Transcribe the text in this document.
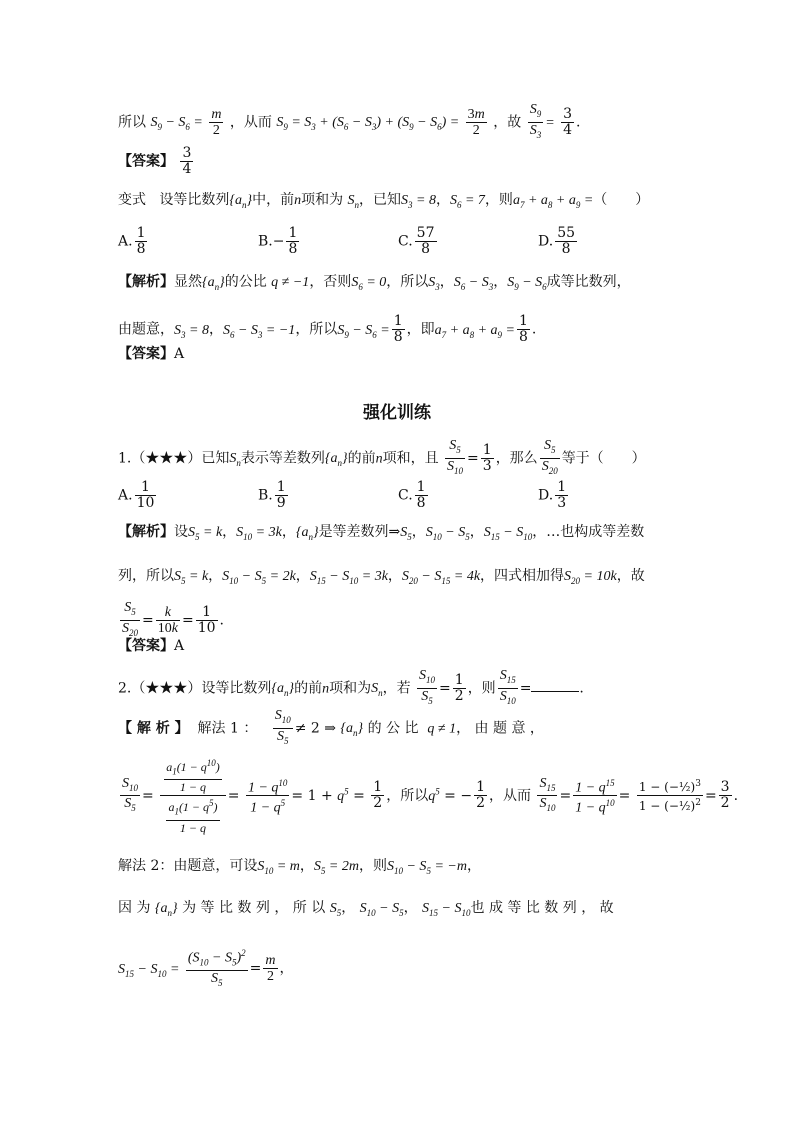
所以 $S_9 - S_6 = \frac{m}{2}$ ，从而 $S_9 = S_3 + (S_6 - S_3) + (S_9 - S_6) = \frac{3m}{2}$ ，故 $\frac{S_9}{S_3} = \frac{3}{4}$ .
【答案】 $\frac{3}{4}$
变式 设等比数列$\{a_n\}$中，前n项和为 $S_n$，已知$S_3 = 8$，$S_6 = 7$，则$a_7 + a_8 + a_9$ =（　　）
A. $\frac{1}{8}$	$B.- \frac{1}{8}$	C. $\frac{57}{8}$	D. $\frac{55}{8}$
【解析】显然$\{a_n\}$的公比 q ≠ −1，否则$S_6 = 0$，所以$S_3$，$S_6 - S_3$，$S_9 - S_6$成等比数列，
由题意，$S_3 = 8$，$S_6 - S_3 = -1$，所以$S_9 - S_6 = \frac{1}{8}$ ，即$a_7 + a_8 + a_9 = \frac{1}{8}$ .
【答案】A
强化训练
1.（★★★）已知$S_n$表示等差数列$\{a_n\}$的前n项和，且 $\frac{S_5}{S_{10}} = \frac{1}{3}$ ，那么 $\frac{S_5}{S_{20}}$ 等于（　　）
A. $\frac{1}{10}$	B. $\frac{1}{9}$	C. $\frac{1}{8}$	D. $\frac{1}{3}$
【解析】设$S_5 = k$，$S_{10} = 3k$，$\{a_n\}$是等差数列$\Rightarrow S_5$，$S_{10} - S_5$，$S_{15} - S_{10}$，…也构成等差数
列，所以$S_5 = k$，$S_{10} - S_5 = 2k$，$S_{15} - S_{10} = 3k$，$S_{20} - S_{15} = 4k$，四式相加得$S_{20} = 10k$，故
$\frac{S_5}{S_{20}} = \frac{k}{10k} = \frac{1}{10}$ .
【答案】A
2.（★★★）设等比数列$\{a_n\}$的前n项和为$S_n$，若 $\frac{S_{10}}{S_5} = \frac{1}{2}$ ，则 $\frac{S_{15}}{S_{10}}$ =	.
【 解 析 】 解法 1 ： $\frac{S_{10}}{S_5} \ne 2$ ⇒ $\{a_n\}$ 的 公 比 q ≠ 1， 由 题 意 ，
$\frac{S_{10}}{S_5} = \frac{\frac{a_1(1 - q^{10})}{1 - q}}{\frac{a_1(1 - q^5)}{1 - q}} = \frac{1 - q^{10}}{1 - q^5} = 1 + q^5 = \frac{1}{2}$ ，所以$q^5$ = − $\frac{1}{2}$ ，从而 $\frac{S_{15}}{S_{10}} = \frac{1 - q^{15}}{1 - q^{10}} = \frac{1 - (-\frac{1}{2})^3}{1 - (-\frac{1}{2})^2} = \frac{3}{2}$ .
解法 2：由题意，可设$S_{10} = m$，$S_5 = 2m$，则$S_{10} - S_5 = -m$，
因 为 $\{a_n\}$ 为 等 比 数 列 ， 所 以 $S_5$， $S_{10} - S_5$， $S_{15} - S_{10}$也 成 等 比 数 列 ， 故
$S_{15} - S_{10} = \frac{(S_{10} - S_5)^2}{S_5} = \frac{m}{2}$ ，
